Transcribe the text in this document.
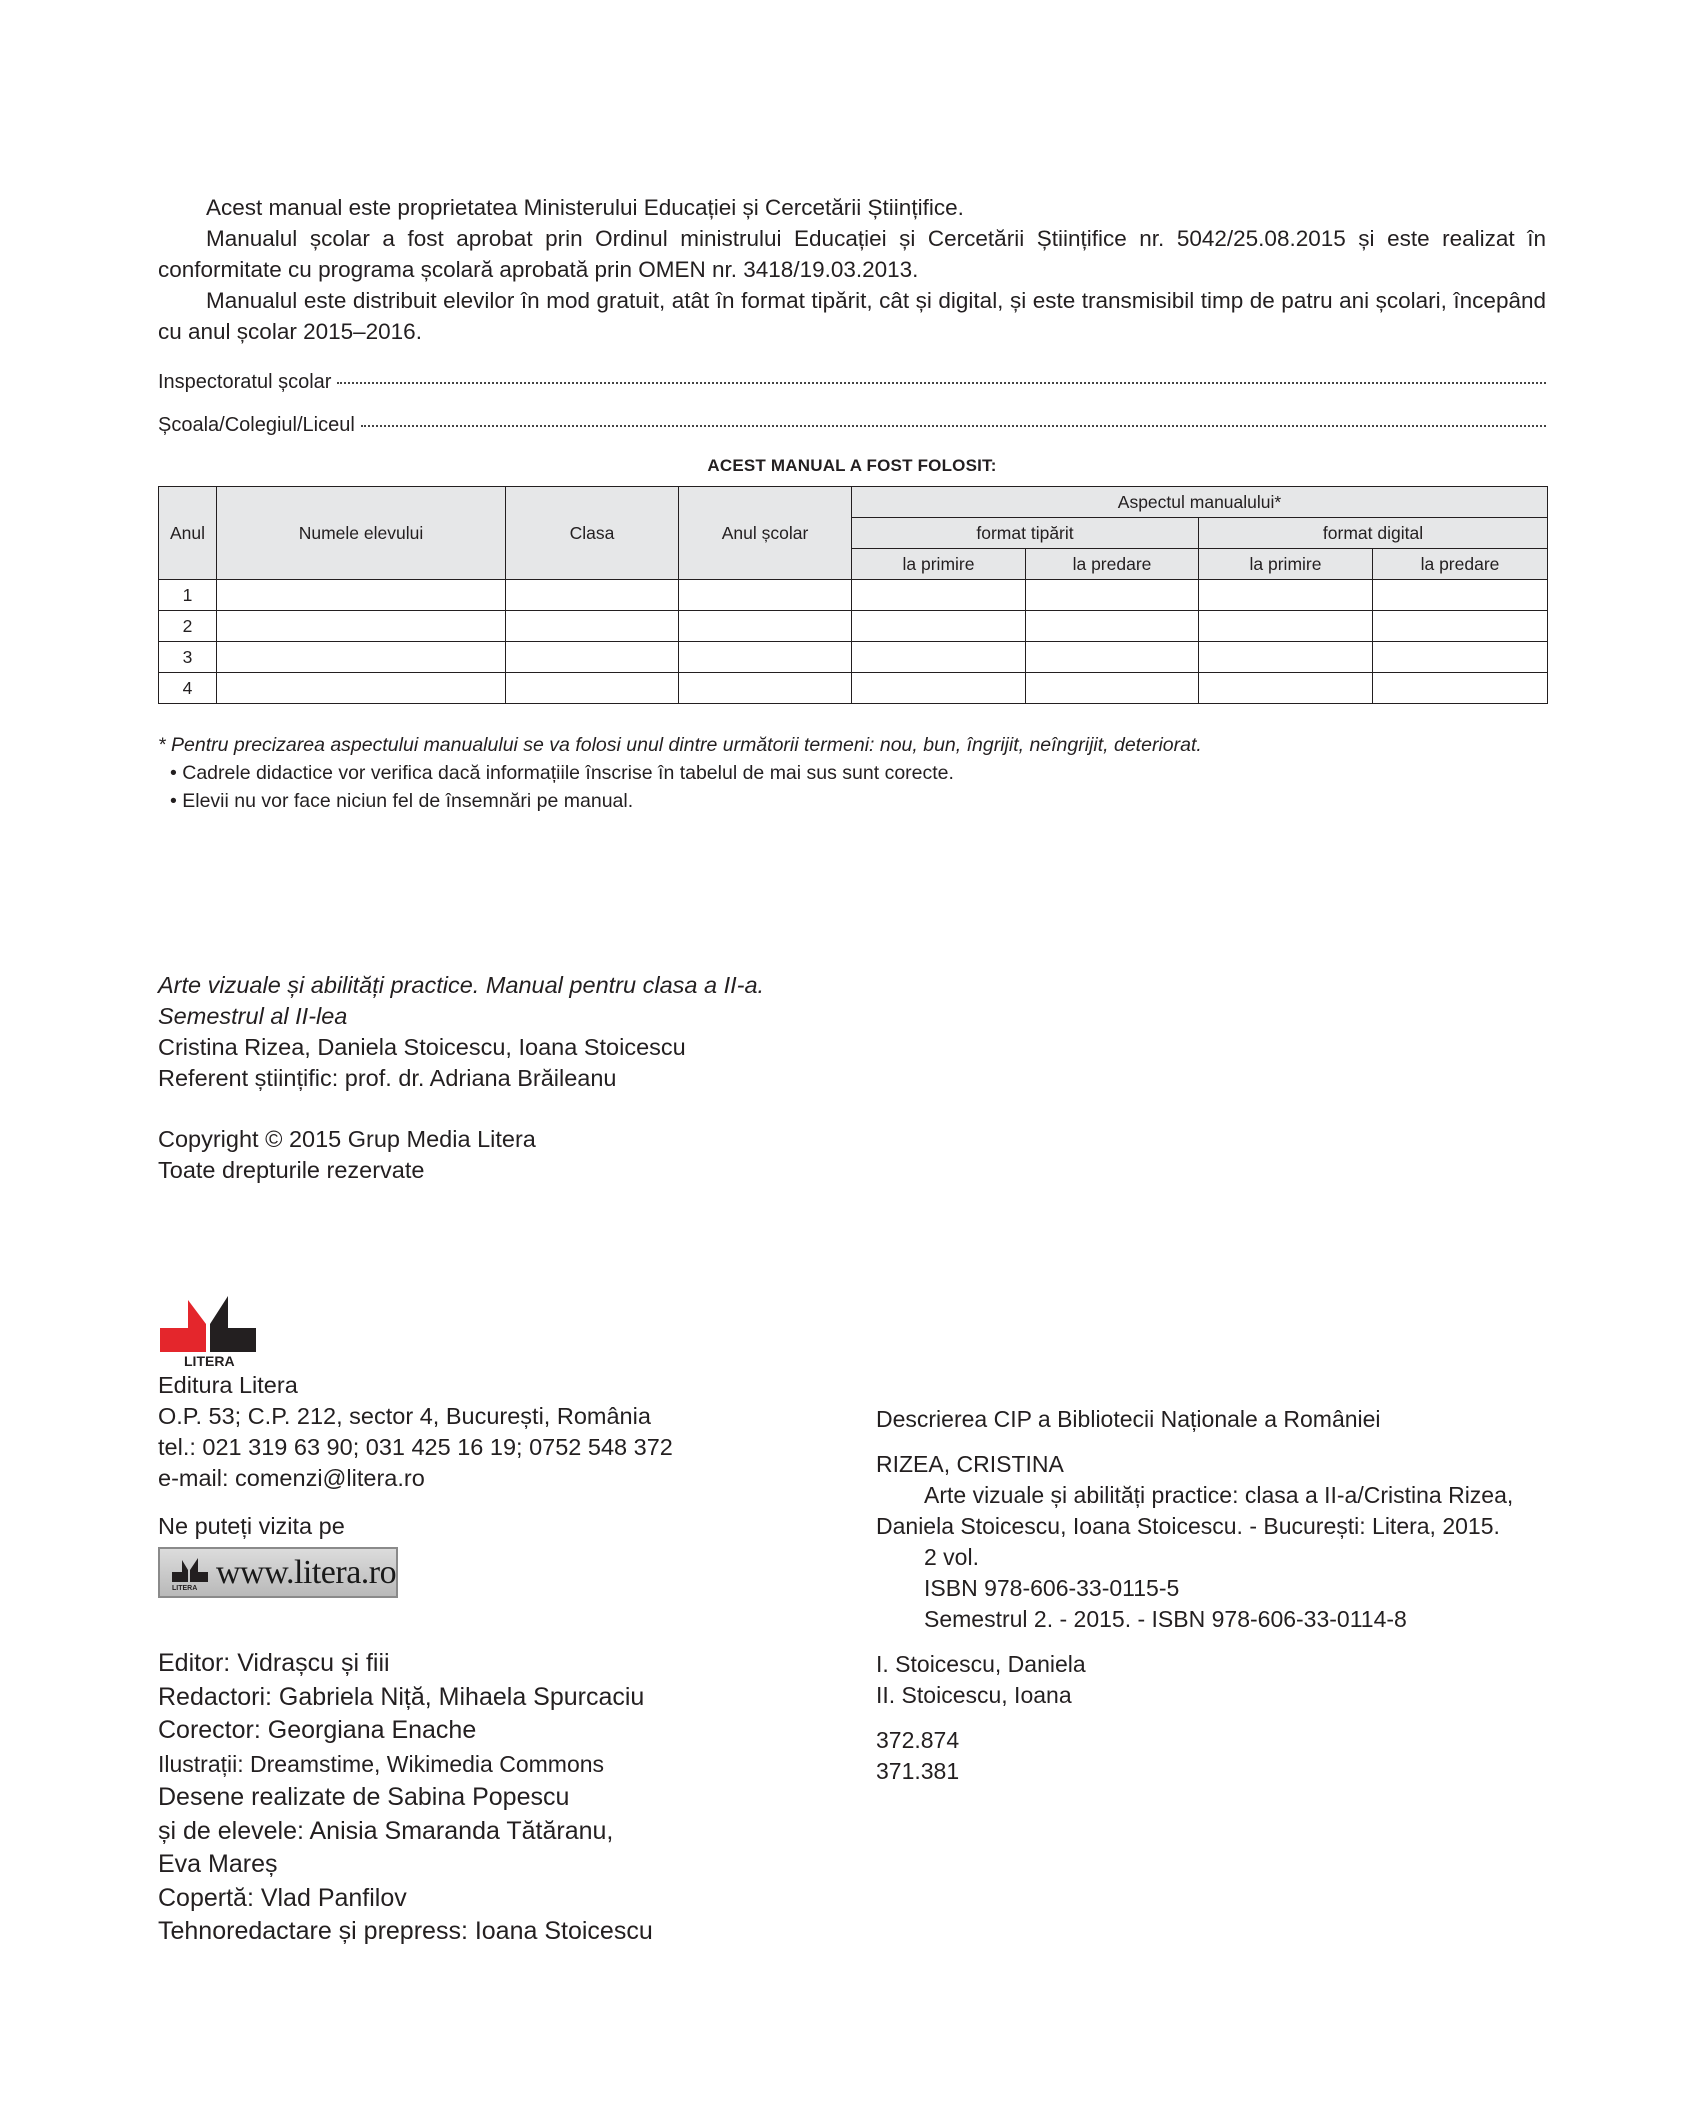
Acest manual este proprietatea Ministerului Educației și Cercetării Științifice.

Manualul școlar a fost aprobat prin Ordinul ministrului Educației și Cercetării Științifice nr. 5042/25.08.2015 și este realizat în conformitate cu programa școlară aprobată prin OMEN nr. 3418/19.03.2013.

Manualul este distribuit elevilor în mod gratuit, atât în format tipărit, cât și digital, și este transmisibil timp de patru ani școlari, începând cu anul școlar 2015–2016.

Inspectoratul școlar
Școala/Colegiul/Liceul
ACEST MANUAL A FOST FOLOSIT:
Anul	Numele elevului	Clasa	Anul școlar	Aspectul manualului*			
				format tipărit		format digital	
				la primire	la predare	la primire	la predare
1							
2							
3							
4							
* Pentru precizarea aspectului manualului se va folosi unul dintre următorii termeni: nou, bun, îngrijit, neîngrijit, deteriorat.
• Cadrele didactice vor verifica dacă informațiile înscrise în tabelul de mai sus sunt corecte.
• Elevii nu vor face niciun fel de însemnări pe manual.
Arte vizuale și abilități practice. Manual pentru clasa a II-a.
Semestrul al II-lea
Cristina Rizea, Daniela Stoicescu, Ioana Stoicescu
Referent științific: prof. dr. Adriana Brăileanu
Copyright © 2015 Grup Media Litera
Toate drepturile rezervate
LITERA
Editura Litera
O.P. 53; C.P. 212, sector 4, București, România
tel.: 021 319 63 90; 031 425 16 19; 0752 548 372
e-mail: comenzi@litera.ro
Ne puteți vizita pe
LITERA www.litera.ro
Editor: Vidrașcu și fiii
Redactori: Gabriela Niță, Mihaela Spurcaciu
Corector: Georgiana Enache
Ilustrații: Dreamstime, Wikimedia Commons
Desene realizate de Sabina Popescu
și de elevele: Anisia Smaranda Tătăranu,
Eva Mareș
Copertă: Vlad Panfilov
Tehnoredactare și prepress: Ioana Stoicescu
Descrierea CIP a Bibliotecii Naționale a României
RIZEA, CRISTINA
Arte vizuale și abilități practice: clasa a II-a/Cristina Rizea,
Daniela Stoicescu, Ioana Stoicescu. - București: Litera, 2015.
2 vol.
ISBN 978-606-33-0115-5
Semestrul 2. - 2015. - ISBN 978-606-33-0114-8
I. Stoicescu, Daniela
II. Stoicescu, Ioana
372.874
371.381
